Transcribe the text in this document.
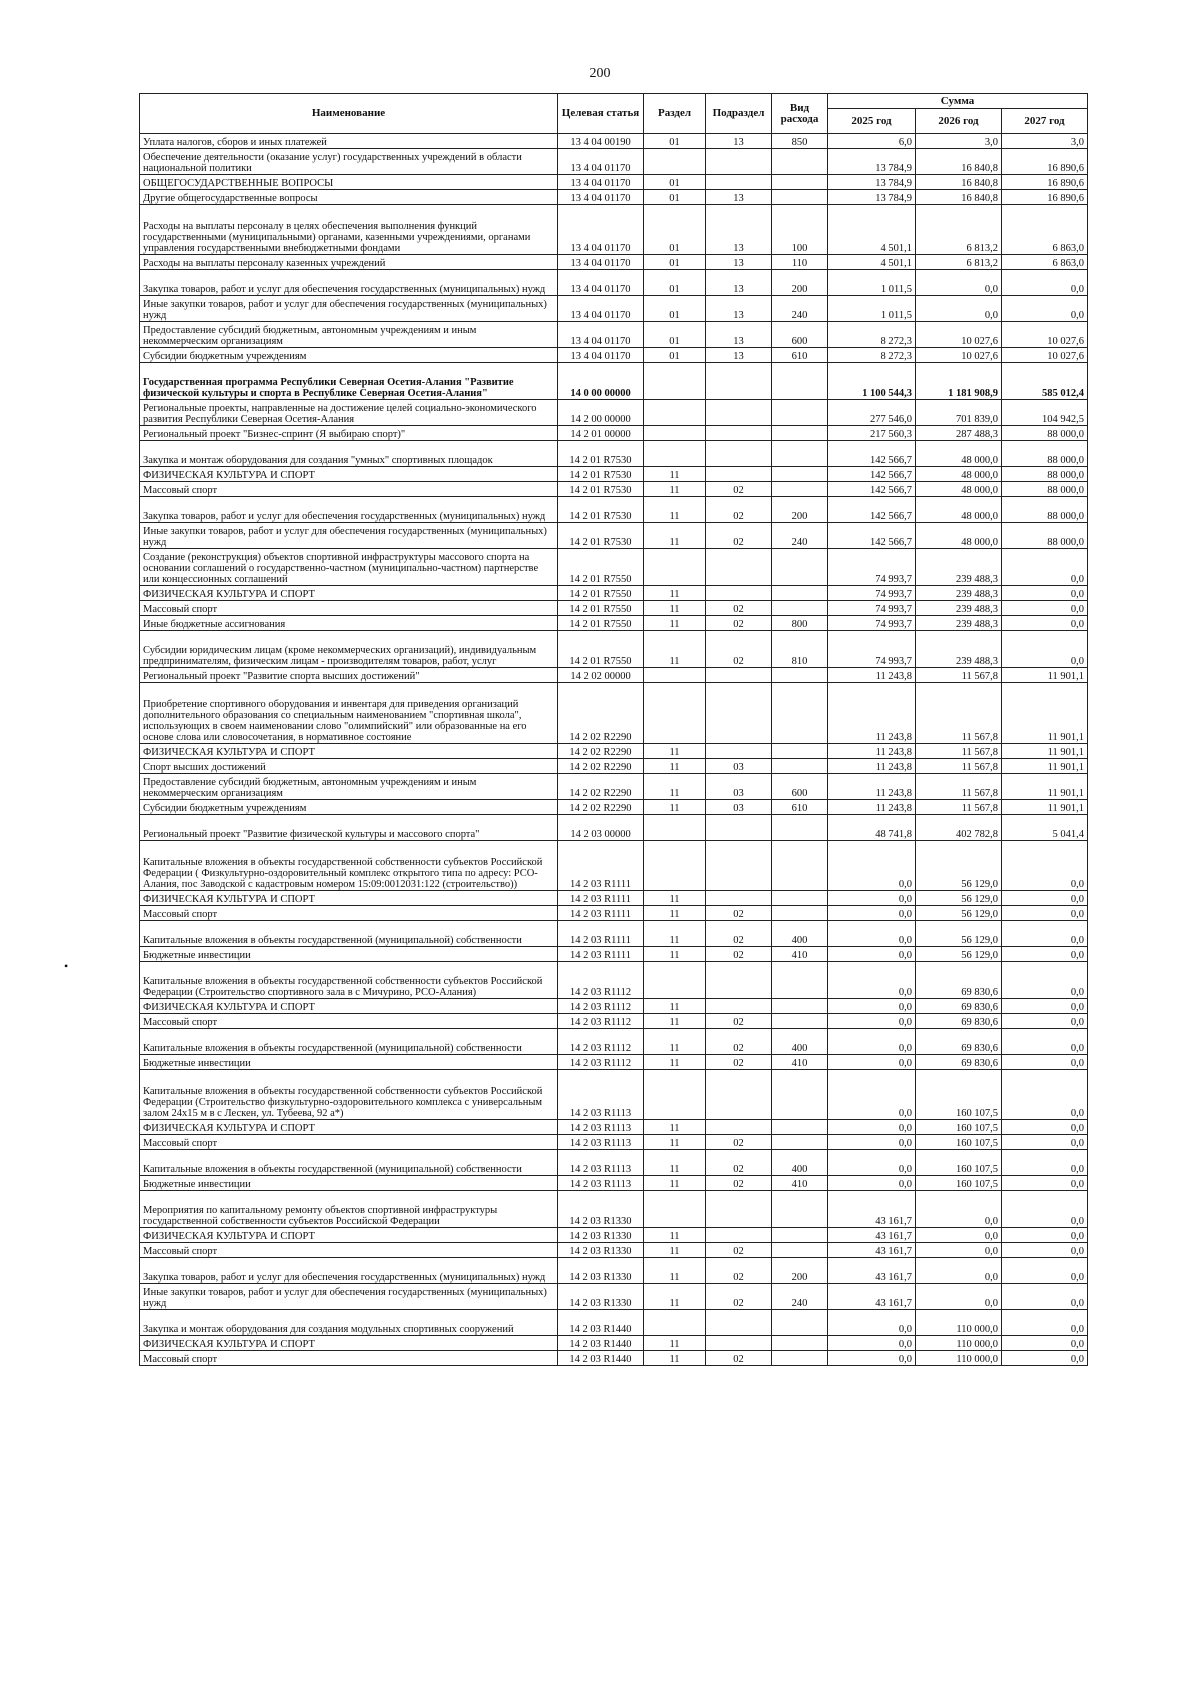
200
•
Наименование	Целевая статья	Раздел	Подраздел	Вид расхода	Сумма		
					2025 год	2026 год	2027 год
Уплата налогов, сборов и иных платежей	13 4 04 00190	01	13	850	6,0	3,0	3,0
Обеспечение деятельности (оказание услуг) государственных учреждений в области национальной политики	13 4 04 01170				13 784,9	16 840,8	16 890,6
ОБЩЕГОСУДАРСТВЕННЫЕ ВОПРОСЫ	13 4 04 01170	01			13 784,9	16 840,8	16 890,6
Другие общегосударственные вопросы	13 4 04 01170	01	13		13 784,9	16 840,8	16 890,6
Расходы на выплаты персоналу в целях обеспечения выполнения функций государственными (муниципальными) органами, казенными учреждениями, органами управления государственными внебюджетными фондами	13 4 04 01170	01	13	100	4 501,1	6 813,2	6 863,0
Расходы на выплаты персоналу казенных учреждений	13 4 04 01170	01	13	110	4 501,1	6 813,2	6 863,0
Закупка товаров, работ и услуг для обеспечения государственных (муниципальных) нужд	13 4 04 01170	01	13	200	1 011,5	0,0	0,0
Иные закупки товаров, работ и услуг для обеспечения государственных (муниципальных) нужд	13 4 04 01170	01	13	240	1 011,5	0,0	0,0
Предоставление субсидий бюджетным, автономным учреждениям и иным некоммерческим организациям	13 4 04 01170	01	13	600	8 272,3	10 027,6	10 027,6
Субсидии бюджетным учреждениям	13 4 04 01170	01	13	610	8 272,3	10 027,6	10 027,6
Государственная программа Республики Северная Осетия-Алания "Развитие физической культуры и спорта в Республике Северная Осетия-Алания"	14 0 00 00000				1 100 544,3	1 181 908,9	585 012,4
Региональные проекты, направленные на достижение целей социально-экономического развития Республики Северная Осетия-Алания	14 2 00 00000				277 546,0	701 839,0	104 942,5
Региональный проект "Бизнес-спринт (Я выбираю спорт)"	14 2 01 00000				217 560,3	287 488,3	88 000,0
Закупка и монтаж оборудования для создания "умных" спортивных площадок	14 2 01 R7530				142 566,7	48 000,0	88 000,0
ФИЗИЧЕСКАЯ КУЛЬТУРА И СПОРТ	14 2 01 R7530	11			142 566,7	48 000,0	88 000,0
Массовый спорт	14 2 01 R7530	11	02		142 566,7	48 000,0	88 000,0
Закупка товаров, работ и услуг для обеспечения государственных (муниципальных) нужд	14 2 01 R7530	11	02	200	142 566,7	48 000,0	88 000,0
Иные закупки товаров, работ и услуг для обеспечения государственных (муниципальных) нужд	14 2 01 R7530	11	02	240	142 566,7	48 000,0	88 000,0
Создание (реконструкция) объектов спортивной инфраструктуры массового спорта на основании соглашений о государственно-частном (муниципально-частном) партнерстве или концессионных соглашений	14 2 01 R7550				74 993,7	239 488,3	0,0
ФИЗИЧЕСКАЯ КУЛЬТУРА И СПОРТ	14 2 01 R7550	11			74 993,7	239 488,3	0,0
Массовый спорт	14 2 01 R7550	11	02		74 993,7	239 488,3	0,0
Иные бюджетные ассигнования	14 2 01 R7550	11	02	800	74 993,7	239 488,3	0,0
Субсидии юридическим лицам (кроме некоммерческих организаций), индивидуальным предпринимателям, физическим лицам - производителям товаров, работ, услуг	14 2 01 R7550	11	02	810	74 993,7	239 488,3	0,0
Региональный проект "Развитие спорта высших достижений"	14 2 02 00000				11 243,8	11 567,8	11 901,1
Приобретение спортивного оборудования и инвентаря для приведения организаций дополнительного образования со специальным наименованием "спортивная школа", использующих в своем наименовании слово "олимпийский" или образованные на его основе слова или словосочетания, в нормативное состояние	14 2 02 R2290				11 243,8	11 567,8	11 901,1
ФИЗИЧЕСКАЯ КУЛЬТУРА И СПОРТ	14 2 02 R2290	11			11 243,8	11 567,8	11 901,1
Спорт высших достижений	14 2 02 R2290	11	03		11 243,8	11 567,8	11 901,1
Предоставление субсидий бюджетным, автономным учреждениям и иным некоммерческим организациям	14 2 02 R2290	11	03	600	11 243,8	11 567,8	11 901,1
Субсидии бюджетным учреждениям	14 2 02 R2290	11	03	610	11 243,8	11 567,8	11 901,1
Региональный проект "Развитие физической культуры и массового спорта"	14 2 03 00000				48 741,8	402 782,8	5 041,4
Капитальные вложения в объекты государственной собственности субъектов Российской Федерации ( Физкультурно-оздоровительный комплекс открытого типа по адресу: РСО-Алания, пос Заводской с кадастровым номером 15:09:0012031:122 (строительство))	14 2 03 R1111				0,0	56 129,0	0,0
ФИЗИЧЕСКАЯ КУЛЬТУРА И СПОРТ	14 2 03 R1111	11			0,0	56 129,0	0,0
Массовый спорт	14 2 03 R1111	11	02		0,0	56 129,0	0,0
Капитальные вложения в объекты государственной (муниципальной) собственности	14 2 03 R1111	11	02	400	0,0	56 129,0	0,0
Бюджетные инвестиции	14 2 03 R1111	11	02	410	0,0	56 129,0	0,0
Капитальные вложения в объекты государственной собственности субъектов Российской Федерации (Строительство спортивного зала в с Мичурино, РСО-Алания)	14 2 03 R1112				0,0	69 830,6	0,0
ФИЗИЧЕСКАЯ КУЛЬТУРА И СПОРТ	14 2 03 R1112	11			0,0	69 830,6	0,0
Массовый спорт	14 2 03 R1112	11	02		0,0	69 830,6	0,0
Капитальные вложения в объекты государственной (муниципальной) собственности	14 2 03 R1112	11	02	400	0,0	69 830,6	0,0
Бюджетные инвестиции	14 2 03 R1112	11	02	410	0,0	69 830,6	0,0
Капитальные вложения в объекты государственной собственности субъектов Российской Федерации (Строительство физкультурно-оздоровительного комплекса с универсальным залом 24х15 м в с Лескен, ул. Тубеева, 92 а*)	14 2 03 R1113				0,0	160 107,5	0,0
ФИЗИЧЕСКАЯ КУЛЬТУРА И СПОРТ	14 2 03 R1113	11			0,0	160 107,5	0,0
Массовый спорт	14 2 03 R1113	11	02		0,0	160 107,5	0,0
Капитальные вложения в объекты государственной (муниципальной) собственности	14 2 03 R1113	11	02	400	0,0	160 107,5	0,0
Бюджетные инвестиции	14 2 03 R1113	11	02	410	0,0	160 107,5	0,0
Мероприятия по капитальному ремонту объектов спортивной инфраструктуры государственной собственности субъектов Российской Федерации	14 2 03 R1330				43 161,7	0,0	0,0
ФИЗИЧЕСКАЯ КУЛЬТУРА И СПОРТ	14 2 03 R1330	11			43 161,7	0,0	0,0
Массовый спорт	14 2 03 R1330	11	02		43 161,7	0,0	0,0
Закупка товаров, работ и услуг для обеспечения государственных (муниципальных) нужд	14 2 03 R1330	11	02	200	43 161,7	0,0	0,0
Иные закупки товаров, работ и услуг для обеспечения государственных (муниципальных) нужд	14 2 03 R1330	11	02	240	43 161,7	0,0	0,0
Закупка и монтаж оборудования для создания модульных спортивных сооружений	14 2 03 R1440				0,0	110 000,0	0,0
ФИЗИЧЕСКАЯ КУЛЬТУРА И СПОРТ	14 2 03 R1440	11			0,0	110 000,0	0,0
Массовый спорт	14 2 03 R1440	11	02		0,0	110 000,0	0,0
